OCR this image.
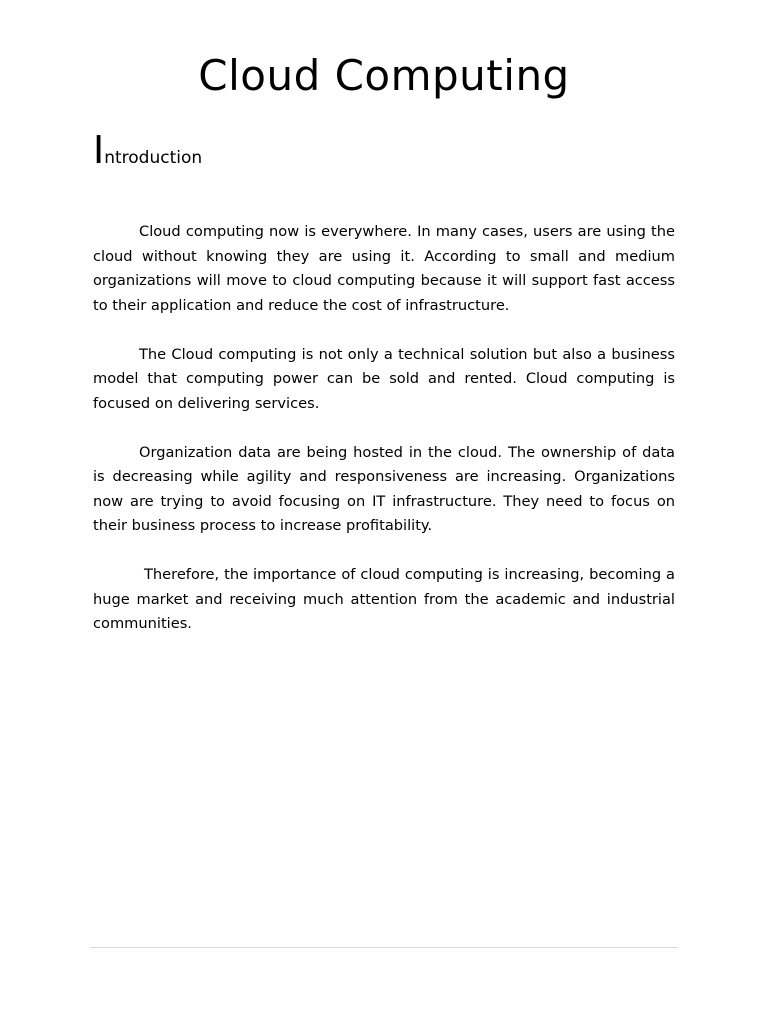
Cloud Computing
Introduction

Cloud computing now is everywhere. In many cases, users are using the cloud without knowing they are using it. According to small and medium organizations will move to cloud computing because it will support fast access to their application and reduce the cost of infrastructure.

The Cloud computing is not only a technical solution but also a business model that computing power can be sold and rented. Cloud computing is focused on delivering services.

Organization data are being hosted in the cloud. The ownership of data is decreasing while agility and responsiveness are increasing. Organizations now are trying to avoid focusing on IT infrastructure. They need to focus on their business process to increase profitability.

Therefore, the importance of cloud computing is increasing, becoming a huge market and receiving much attention from the academic and industrial communities.
